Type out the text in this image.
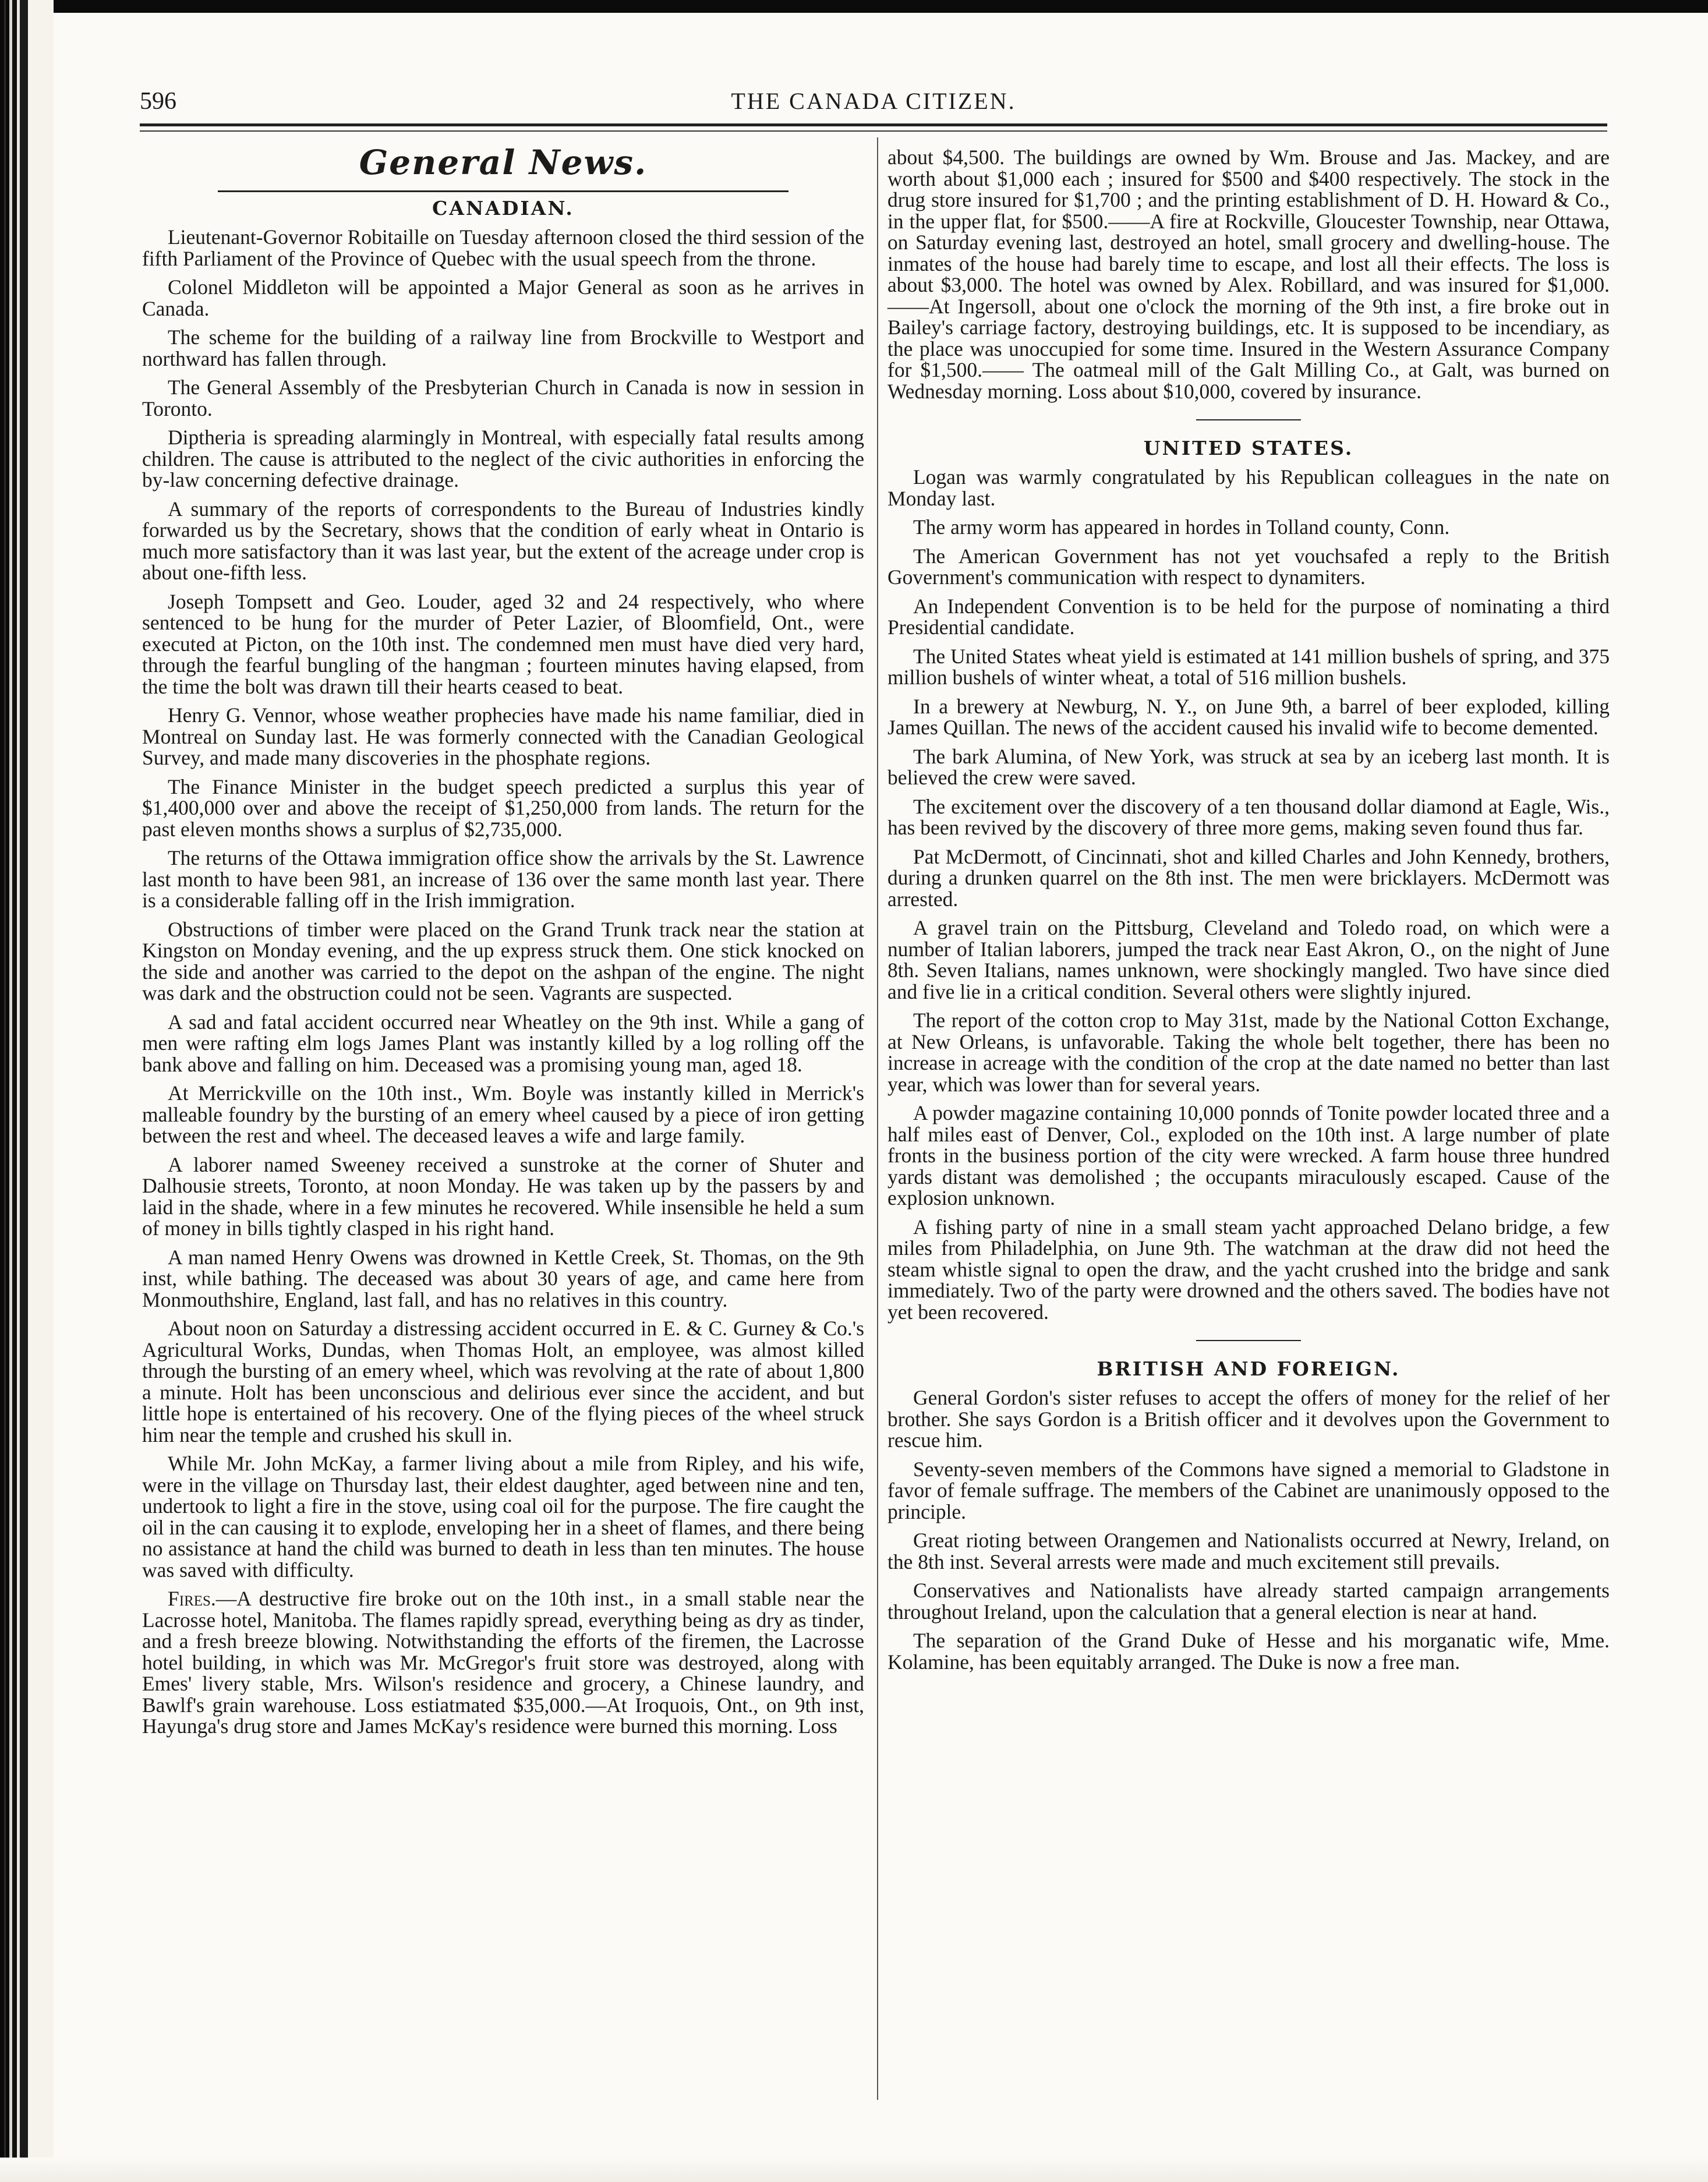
596	THE CANADA CITIZEN.
General News.
CANADIAN.

Lieutenant-Governor Robitaille on Tuesday afternoon closed the third session of the fifth Parliament of the Province of Quebec with the usual speech from the throne.

Colonel Middleton will be appointed a Major General as soon as he arrives in Canada.

The scheme for the building of a railway line from Brockville to Westport and northward has fallen through.

The General Assembly of the Presbyterian Church in Canada is now in session in Toronto.

Diptheria is spreading alarmingly in Montreal, with especially fatal results among children. The cause is attributed to the neglect of the civic authorities in enforcing the by-law concerning defective drainage.

A summary of the reports of correspondents to the Bureau of Industries kindly forwarded us by the Secretary, shows that the condition of early wheat in Ontario is much more satisfactory than it was last year, but the extent of the acreage under crop is about one-fifth less.

Joseph Tompsett and Geo. Louder, aged 32 and 24 respectively, who where sentenced to be hung for the murder of Peter Lazier, of Bloomfield, Ont., were executed at Picton, on the 10th inst. The condemned men must have died very hard, through the fearful bungling of the hangman ; fourteen minutes having elapsed, from the time the bolt was drawn till their hearts ceased to beat.

Henry G. Vennor, whose weather prophecies have made his name familiar, died in Montreal on Sunday last. He was formerly connected with the Canadian Geological Survey, and made many discoveries in the phosphate regions.

The Finance Minister in the budget speech predicted a surplus this year of $1,400,000 over and above the receipt of $1,250,000 from lands. The return for the past eleven months shows a surplus of $2,735,000.

The returns of the Ottawa immigration office show the arrivals by the St. Lawrence last month to have been 981, an increase of 136 over the same month last year. There is a considerable falling off in the Irish immigration.

Obstructions of timber were placed on the Grand Trunk track near the station at Kingston on Monday evening, and the up express struck them. One stick knocked on the side and another was carried to the depot on the ashpan of the engine. The night was dark and the obstruction could not be seen. Vagrants are suspected.

A sad and fatal accident occurred near Wheatley on the 9th inst. While a gang of men were rafting elm logs James Plant was instantly killed by a log rolling off the bank above and falling on him. Deceased was a promising young man, aged 18.

At Merrickville on the 10th inst., Wm. Boyle was instantly killed in Merrick's malleable foundry by the bursting of an emery wheel caused by a piece of iron getting between the rest and wheel. The deceased leaves a wife and large family.

A laborer named Sweeney received a sunstroke at the corner of Shuter and Dalhousie streets, Toronto, at noon Monday. He was taken up by the passers by and laid in the shade, where in a few minutes he recovered. While insensible he held a sum of money in bills tightly clasped in his right hand.

A man named Henry Owens was drowned in Kettle Creek, St. Thomas, on the 9th inst, while bathing. The deceased was about 30 years of age, and came here from Monmouthshire, England, last fall, and has no relatives in this country.

About noon on Saturday a distressing accident occurred in E. & C. Gurney & Co.'s Agricultural Works, Dundas, when Thomas Holt, an employee, was almost killed through the bursting of an emery wheel, which was revolving at the rate of about 1,800 a minute. Holt has been unconscious and delirious ever since the accident, and but little hope is entertained of his recovery. One of the flying pieces of the wheel struck him near the temple and crushed his skull in.

While Mr. John McKay, a farmer living about a mile from Ripley, and his wife, were in the village on Thursday last, their eldest daughter, aged between nine and ten, undertook to light a fire in the stove, using coal oil for the purpose. The fire caught the oil in the can causing it to explode, enveloping her in a sheet of flames, and there being no assistance at hand the child was burned to death in less than ten minutes. The house was saved with difficulty.

Fires.—A destructive fire broke out on the 10th inst., in a small stable near the Lacrosse hotel, Manitoba. The flames rapidly spread, everything being as dry as tinder, and a fresh breeze blowing. Notwithstanding the efforts of the firemen, the Lacrosse hotel building, in which was Mr. McGregor's fruit store was destroyed, along with Emes' livery stable, Mrs. Wilson's residence and grocery, a Chinese laundry, and Bawlf's grain warehouse. Loss estiatmated $35,000.—At Iroquois, Ont., on 9th inst, Hayunga's drug store and James McKay's residence were burned this morning. Loss

about $4,500. The buildings are owned by Wm. Brouse and Jas. Mackey, and are worth about $1,000 each ; insured for $500 and $400 respectively. The stock in the drug store insured for $1,700 ; and the printing establishment of D. H. Howard & Co., in the upper flat, for $500.——A fire at Rockville, Gloucester Township, near Ottawa, on Saturday evening last, destroyed an hotel, small grocery and dwelling-house. The inmates of the house had barely time to escape, and lost all their effects. The loss is about $3,000. The hotel was owned by Alex. Robillard, and was insured for $1,000.——At Ingersoll, about one o'clock the morning of the 9th inst, a fire broke out in Bailey's carriage factory, destroying buildings, etc. It is supposed to be incendiary, as the place was unoccupied for some time. Insured in the Western Assurance Company for $1,500.—— The oatmeal mill of the Galt Milling Co., at Galt, was burned on Wednesday morning. Loss about $10,000, covered by insurance.

UNITED STATES.

Logan was warmly congratulated by his Republican colleagues in the nate on Monday last.

The army worm has appeared in hordes in Tolland county, Conn.

The American Government has not yet vouchsafed a reply to the British Government's communication with respect to dynamiters.

An Independent Convention is to be held for the purpose of nominating a third Presidential candidate.

The United States wheat yield is estimated at 141 million bushels of spring, and 375 million bushels of winter wheat, a total of 516 million bushels.

In a brewery at Newburg, N. Y., on June 9th, a barrel of beer exploded, killing James Quillan. The news of the accident caused his invalid wife to become demented.

The bark Alumina, of New York, was struck at sea by an iceberg last month. It is believed the crew were saved.

The excitement over the discovery of a ten thousand dollar diamond at Eagle, Wis., has been revived by the discovery of three more gems, making seven found thus far.

Pat McDermott, of Cincinnati, shot and killed Charles and John Kennedy, brothers, during a drunken quarrel on the 8th inst. The men were bricklayers. McDermott was arrested.

A gravel train on the Pittsburg, Cleveland and Toledo road, on which were a number of Italian laborers, jumped the track near East Akron, O., on the night of June 8th. Seven Italians, names unknown, were shockingly mangled. Two have since died and five lie in a critical condition. Several others were slightly injured.

The report of the cotton crop to May 31st, made by the National Cotton Exchange, at New Orleans, is unfavorable. Taking the whole belt together, there has been no increase in acreage with the condition of the crop at the date named no better than last year, which was lower than for several years.

A powder magazine containing 10,000 ponnds of Tonite powder located three and a half miles east of Denver, Col., exploded on the 10th inst. A large number of plate fronts in the business portion of the city were wrecked. A farm house three hundred yards distant was demolished ; the occupants miraculously escaped. Cause of the explosion unknown.

A fishing party of nine in a small steam yacht approached Delano bridge, a few miles from Philadelphia, on June 9th. The watchman at the draw did not heed the steam whistle signal to open the draw, and the yacht crushed into the bridge and sank immediately. Two of the party were drowned and the others saved. The bodies have not yet been recovered.

BRITISH AND FOREIGN.

General Gordon's sister refuses to accept the offers of money for the relief of her brother. She says Gordon is a British officer and it devolves upon the Government to rescue him.

Seventy-seven members of the Commons have signed a memorial to Gladstone in favor of female suffrage. The members of the Cabinet are unanimously opposed to the principle.

Great rioting between Orangemen and Nationalists occurred at Newry, Ireland, on the 8th inst. Several arrests were made and much excitement still prevails.

Conservatives and Nationalists have already started campaign arrangements throughout Ireland, upon the calculation that a general election is near at hand.

The separation of the Grand Duke of Hesse and his morganatic wife, Mme. Kolamine, has been equitably arranged. The Duke is now a free man.
